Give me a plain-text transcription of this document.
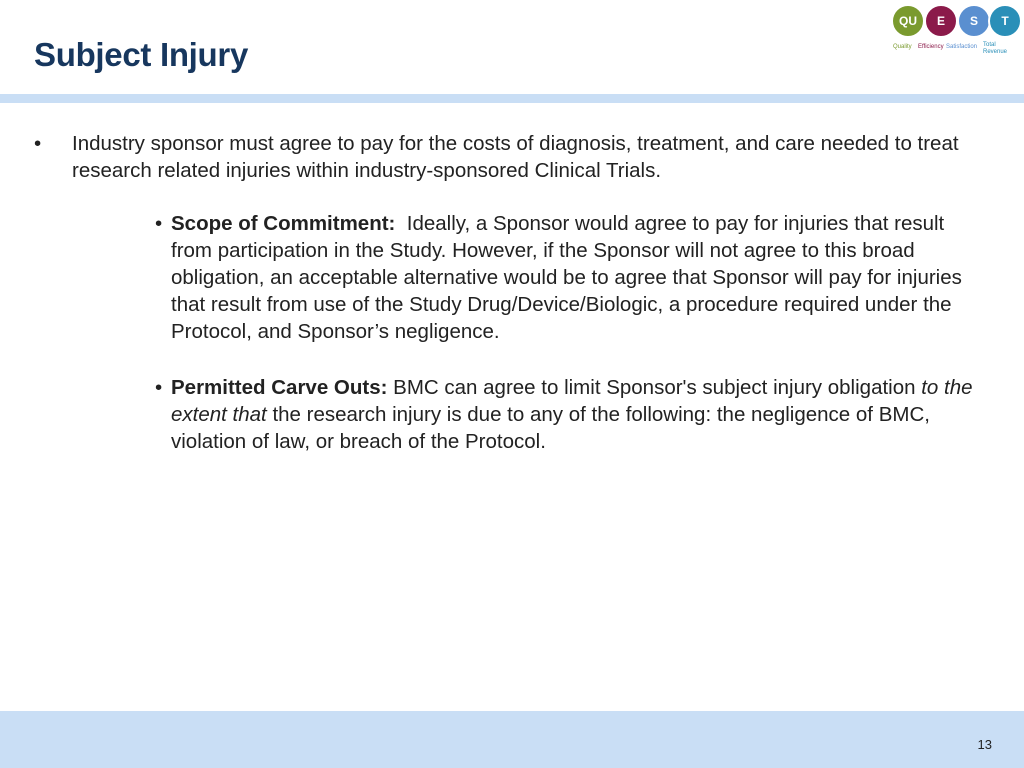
Subject Injury
QU	E	S	T
Quality Efficiency Satisfaction Total Revenue
• Industry sponsor must agree to pay for the costs of diagnosis, treatment, and care needed to treat research related injuries within industry-sponsored Clinical Trials.
• Scope of Commitment: Ideally, a Sponsor would agree to pay for injuries that result from participation in the Study. However, if the Sponsor will not agree to this broad obligation, an acceptable alternative would be to agree that Sponsor will pay for injuries that result from use of the Study Drug/Device/Biologic, a procedure required under the Protocol, and Sponsor’s negligence.
• Permitted Carve Outs: BMC can agree to limit Sponsor's subject injury obligation to the extent that the research injury is due to any of the following: the negligence of BMC, violation of law, or breach of the Protocol.
13
